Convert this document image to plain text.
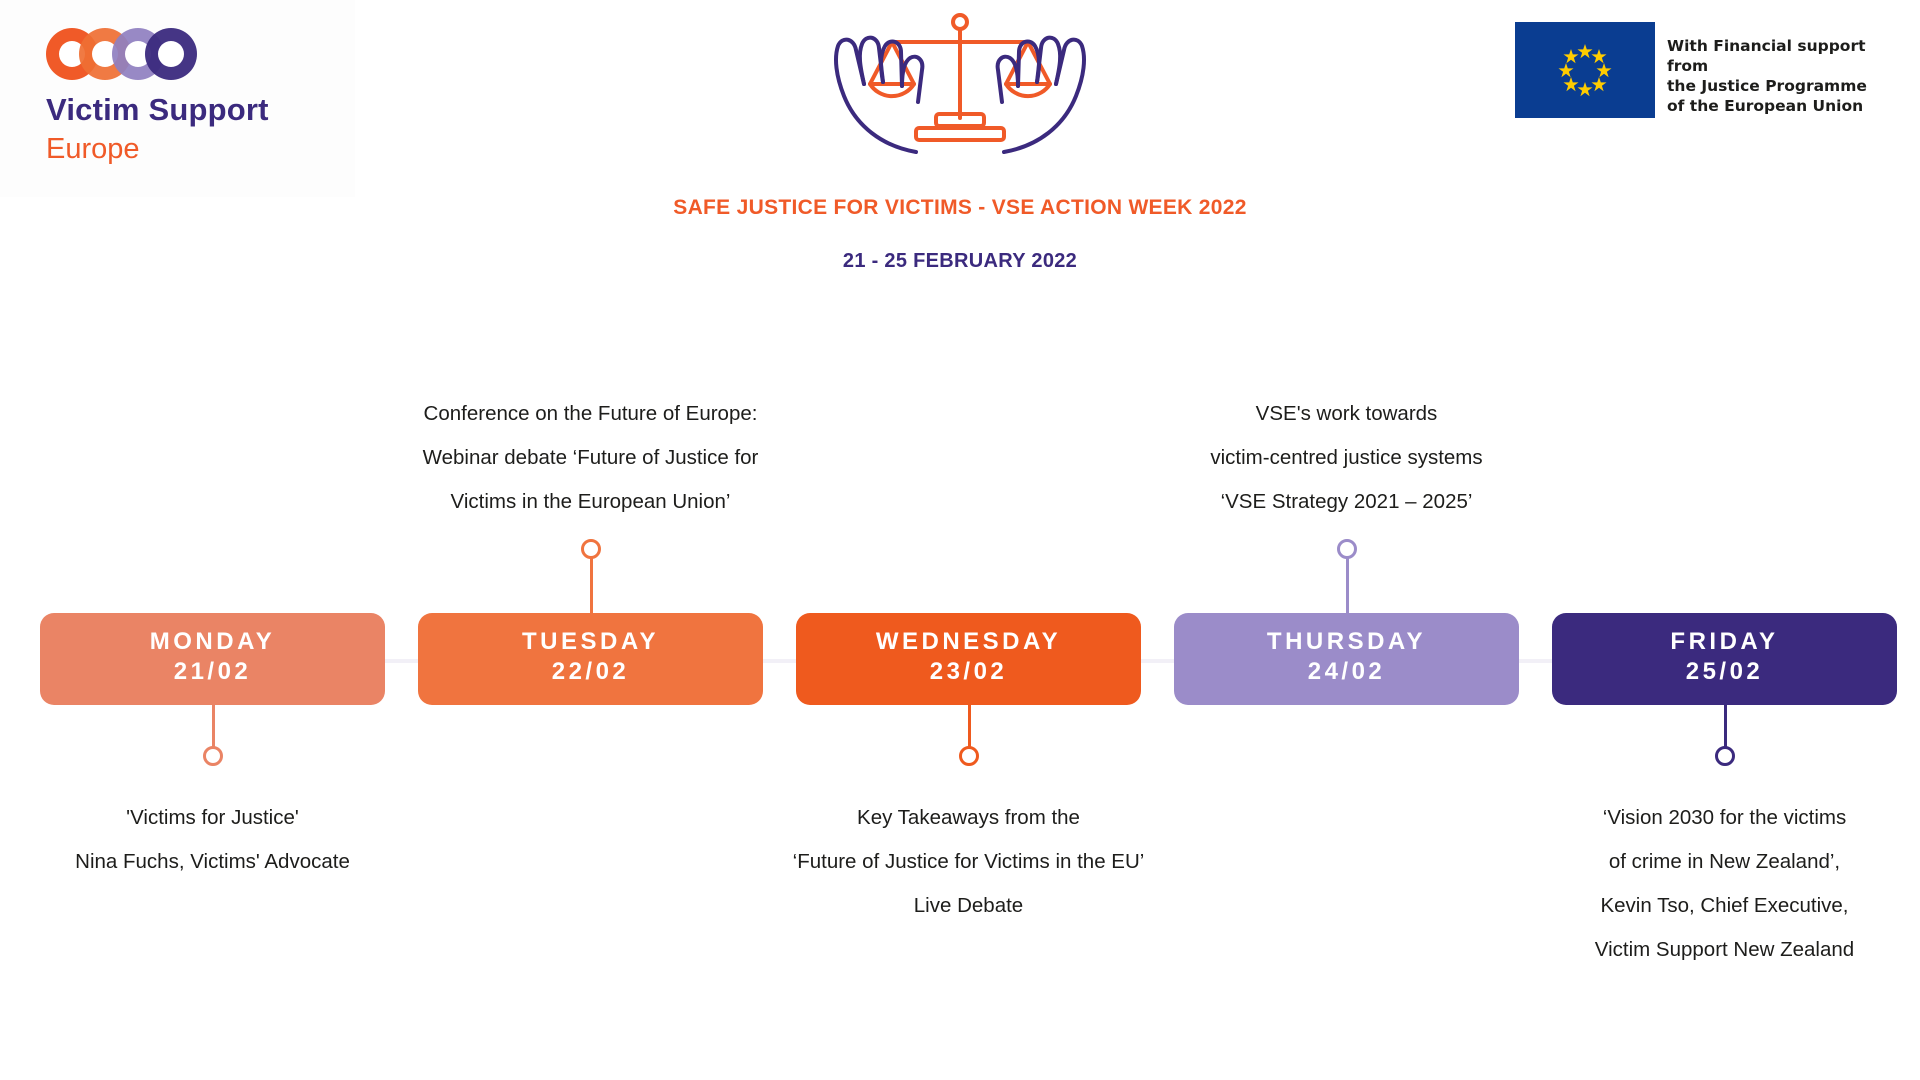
Victim Support
Europe
With Financial support from
the Justice Programme
of the European Union
SAFE JUSTICE FOR VICTIMS - VSE ACTION WEEK 2022
21 - 25 FEBRUARY 2022
MONDAY
21/02
'Victims for Justice'
Nina Fuchs, Victims' Advocate
TUESDAY
22/02
Conference on the Future of Europe:
Webinar debate ‘Future of Justice for
Victims in the European Union’
WEDNESDAY
23/02
Key Takeaways from the
‘Future of Justice for Victims in the EU’
Live Debate
THURSDAY
24/02
VSE's work towards
victim-centred justice systems
‘VSE Strategy 2021 – 2025’
FRIDAY
25/02
‘Vision 2030 for the victims
of crime in New Zealand’,
Kevin Tso, Chief Executive,
Victim Support New Zealand
